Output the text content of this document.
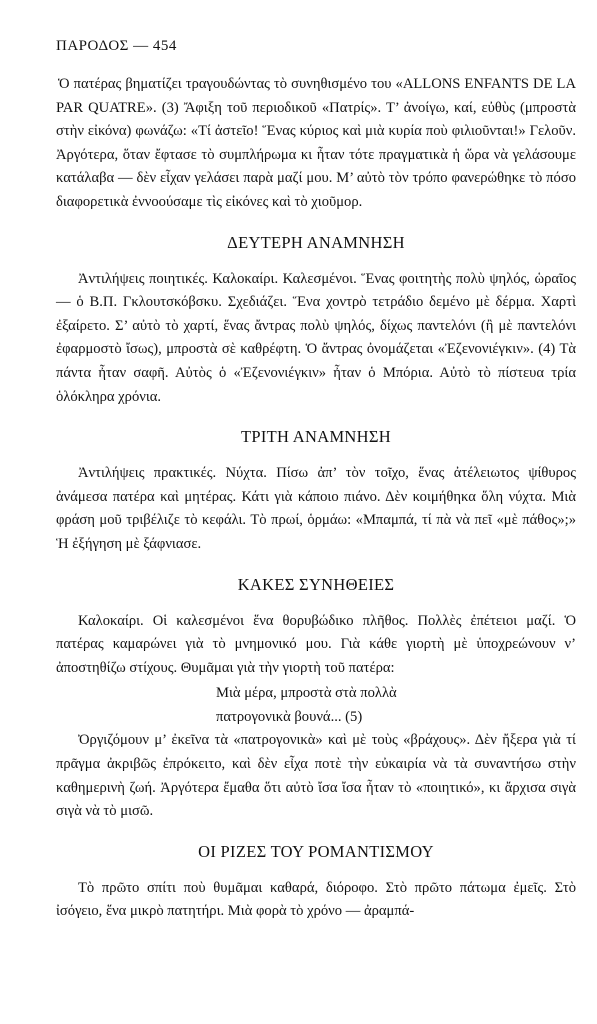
ΠΑΡΟΔΟΣ — 454

Ὁ πατέρας βηματίζει τραγουδώντας τὸ συνηθισμένο του «ALLONS ENFANTS DE LA PAR QUATRE». (3) Ἄφιξη τοῦ περιοδικοῦ «Πατρίς». Τ’ ἀνοίγω, καί, εὐθὺς (μπροστὰ στὴν εἰκόνα) φωνάζω: «Τί ἀστεῖο! Ἕνας κύριος καὶ μιὰ κυρία ποὺ φιλιοῦνται!» Γελοῦν. Ἀργότερα, ὅταν ἔφτασε τὸ συμπλήρωμα κι ἦταν τότε πραγματικὰ ἡ ὥρα νὰ γελάσουμε κατάλαβα — δὲν εἶχαν γελάσει παρὰ μαζί μου. Μ’ αὐτὸ τὸν τρόπο φανερώθηκε τὸ πόσο διαφορετικὰ ἐννοούσαμε τὶς εἰκόνες καὶ τὸ χιοῦμορ.

ΔΕΥΤΕΡΗ ΑΝΑΜΝΗΣΗ

Ἀντιλήψεις ποιητικές. Καλοκαίρι. Καλεσμένοι. Ἕνας φοιτητὴς πολὺ ψηλός, ὡραῖος — ὁ Β.Π. Γκλουτσκόβσκυ. Σχεδιάζει. Ἕνα χοντρὸ τετράδιο δεμένο μὲ δέρμα. Χαρτὶ ἐξαίρετο. Σ’ αὐτὸ τὸ χαρτί, ἕνας ἄντρας πολὺ ψηλός, δίχως παντελόνι (ἢ μὲ παντελόνι ἐφαρμοστὸ ἴσως), μπροστὰ σὲ καθρέφτη. Ὁ ἄντρας ὀνομάζεται «Ἐζενονιέγκιν». (4) Τὰ πάντα ἦταν σαφῆ. Αὐτὸς ὁ «Ἐζενονιέγκιν» ἦταν ὁ Μπόρια. Αὐτὸ τὸ πίστευα τρία ὁλόκληρα χρόνια.

ΤΡΙΤΗ ΑΝΑΜΝΗΣΗ

Ἀντιλήψεις πρακτικές. Νύχτα. Πίσω ἀπ’ τὸν τοῖχο, ἕνας ἀτέλειωτος ψίθυρος ἀνάμεσα πατέρα καὶ μητέρας. Κάτι γιὰ κάποιο πιάνο. Δὲν κοιμήθηκα ὅλη νύχτα. Μιὰ φράση μοῦ τριβέλιζε τὸ κεφάλι. Τὸ πρωί, ὁρμάω: «Μπαμπά, τί πὰ νὰ πεῖ «μὲ πάθος»;» Ἡ ἐξήγηση μὲ ξάφνιασε.

ΚΑΚΕΣ ΣΥΝΗΘΕΙΕΣ

Καλοκαίρι. Οἱ καλεσμένοι ἕνα θορυβώδικο πλῆθος. Πολλὲς ἐπέτειοι μαζί. Ὁ πατέρας καμαρώνει γιὰ τὸ μνημονικό μου. Γιὰ κάθε γιορτὴ μὲ ὑποχρεώνουν ν’ ἀποστηθίζω στίχους. Θυμᾶμαι γιὰ τὴν γιορτὴ τοῦ πατέρα:

Μιὰ μέρα, μπροστὰ στὰ πολλὰ
πατρογονικὰ βουνά... (5)

Ὀργιζόμουν μ’ ἐκεῖνα τὰ «πατρογονικὰ» καὶ μὲ τοὺς «βράχους». Δὲν ἤξερα γιὰ τί πρᾶγμα ἀκριβῶς ἐπρόκειτο, καὶ δὲν εἶχα ποτὲ τὴν εὐκαιρία νὰ τὰ συναντήσω στὴν καθημερινὴ ζωή. Ἀργότερα ἔμαθα ὅτι αὐτὸ ἴσα ἴσα ἦταν τὸ «ποιητικό», κι ἄρχισα σιγὰ σιγὰ νὰ τὸ μισῶ.

ΟΙ ΡΙΖΕΣ ΤΟΥ ΡΟΜΑΝΤΙΣΜΟΥ

Τὸ πρῶτο σπίτι ποὺ θυμᾶμαι καθαρά, διόροφο. Στὸ πρῶτο πάτωμα ἐμεῖς. Στὸ ἰσόγειο, ἕνα μικρὸ πατητήρι. Μιὰ φορὰ τὸ χρόνο — ἀραμπά-
